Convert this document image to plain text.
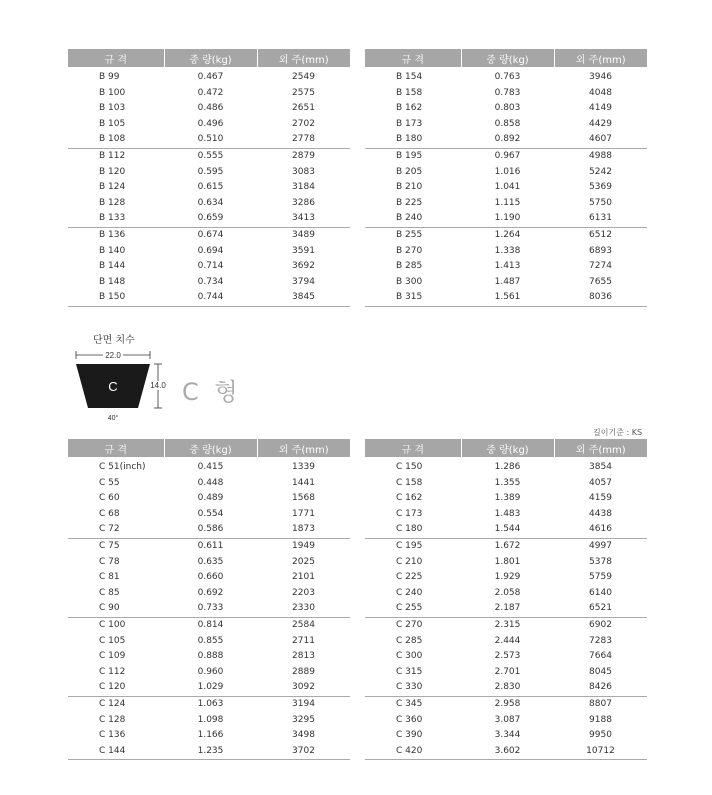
규 격	중 량(kg)	외 주(mm)
B 99	0.467	2549
B 100	0.472	2575
B 103	0.486	2651
B 105	0.496	2702
B 108	0.510	2778
B 112	0.555	2879
B 120	0.595	3083
B 124	0.615	3184
B 128	0.634	3286
B 133	0.659	3413
B 136	0.674	3489
B 140	0.694	3591
B 144	0.714	3692
B 148	0.734	3794
B 150	0.744	3845
규 격	중 량(kg)	외 주(mm)
B 154	0.763	3946
B 158	0.783	4048
B 162	0.803	4149
B 173	0.858	4429
B 180	0.892	4607
B 195	0.967	4988
B 205	1.016	5242
B 210	1.041	5369
B 225	1.115	5750
B 240	1.190	6131
B 255	1.264	6512
B 270	1.338	6893
B 285	1.413	7274
B 300	1.487	7655
B 315	1.561	8036
단면 치수
22.0
C	14.0
40°
C 형
길이기준 : KS
규 격	중 량(kg)	외 주(mm)
C 51(inch)	0.415	1339
C 55	0.448	1441
C 60	0.489	1568
C 68	0.554	1771
C 72	0.586	1873
C 75	0.611	1949
C 78	0.635	2025
C 81	0.660	2101
C 85	0.692	2203
C 90	0.733	2330
C 100	0.814	2584
C 105	0.855	2711
C 109	0.888	2813
C 112	0.960	2889
C 120	1.029	3092
C 124	1.063	3194
C 128	1.098	3295
C 136	1.166	3498
C 144	1.235	3702
규 격	중 량(kg)	외 주(mm)
C 150	1.286	3854
C 158	1.355	4057
C 162	1.389	4159
C 173	1.483	4438
C 180	1.544	4616
C 195	1.672	4997
C 210	1.801	5378
C 225	1.929	5759
C 240	2.058	6140
C 255	2.187	6521
C 270	2.315	6902
C 285	2.444	7283
C 300	2.573	7664
C 315	2.701	8045
C 330	2.830	8426
C 345	2.958	8807
C 360	3.087	9188
C 390	3.344	9950
C 420	3.602	10712
